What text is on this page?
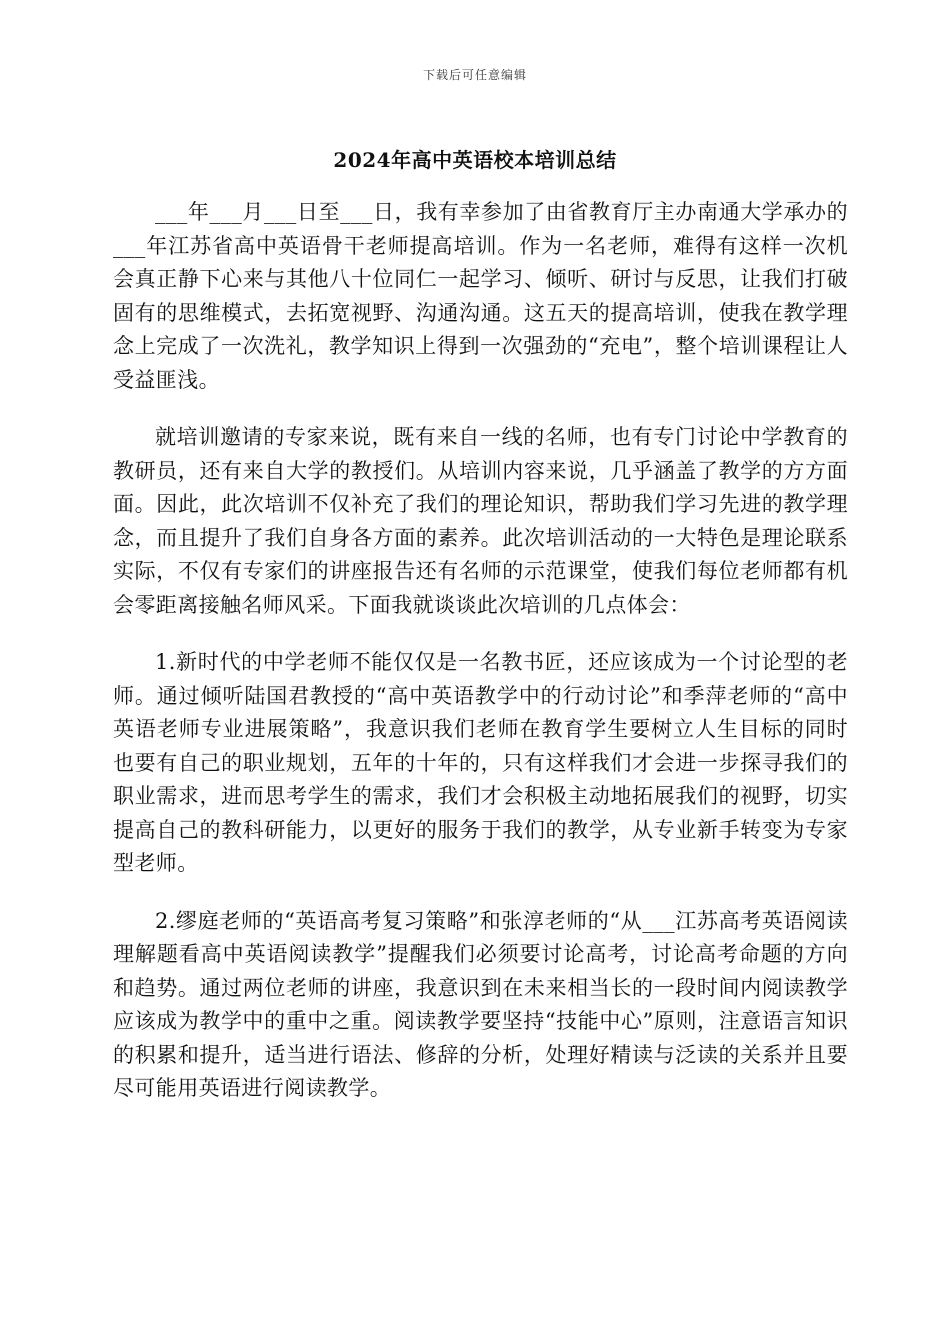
下载后可任意编辑
2024年高中英语校本培训总结

___年___月___日至___日，我有幸参加了由省教育厅主办南通大学承办的___年江苏省高中英语骨干老师提高培训。作为一名老师，难得有这样一次机会真正静下心来与其他八十位同仁一起学习、倾听、研讨与反思，让我们打破固有的思维模式，去拓宽视野、沟通沟通。这五天的提高培训，使我在教学理念上完成了一次洗礼，教学知识上得到一次强劲的“充电”，整个培训课程让人受益匪浅。

就培训邀请的专家来说，既有来自一线的名师，也有专门讨论中学教育的教研员，还有来自大学的教授们。从培训内容来说，几乎涵盖了教学的方方面面。因此，此次培训不仅补充了我们的理论知识，帮助我们学习先进的教学理念，而且提升了我们自身各方面的素养。此次培训活动的一大特色是理论联系实际，不仅有专家们的讲座报告还有名师的示范课堂，使我们每位老师都有机会零距离接触名师风采。下面我就谈谈此次培训的几点体会：

1.新时代的中学老师不能仅仅是一名教书匠，还应该成为一个讨论型的老师。通过倾听陆国君教授的“高中英语教学中的行动讨论”和季萍老师的“高中英语老师专业进展策略”，我意识我们老师在教育学生要树立人生目标的同时也要有自己的职业规划，五年的十年的，只有这样我们才会进一步探寻我们的职业需求，进而思考学生的需求，我们才会积极主动地拓展我们的视野，切实提高自己的教科研能力，以更好的服务于我们的教学，从专业新手转变为专家型老师。

2.缪庭老师的“英语高考复习策略”和张淳老师的“从___江苏高考英语阅读理解题看高中英语阅读教学”提醒我们必须要讨论高考，讨论高考命题的方向和趋势。通过两位老师的讲座，我意识到在未来相当长的一段时间内阅读教学应该成为教学中的重中之重。阅读教学要坚持“技能中心”原则，注意语言知识的积累和提升，适当进行语法、修辞的分析，处理好精读与泛读的关系并且要尽可能用英语进行阅读教学。
